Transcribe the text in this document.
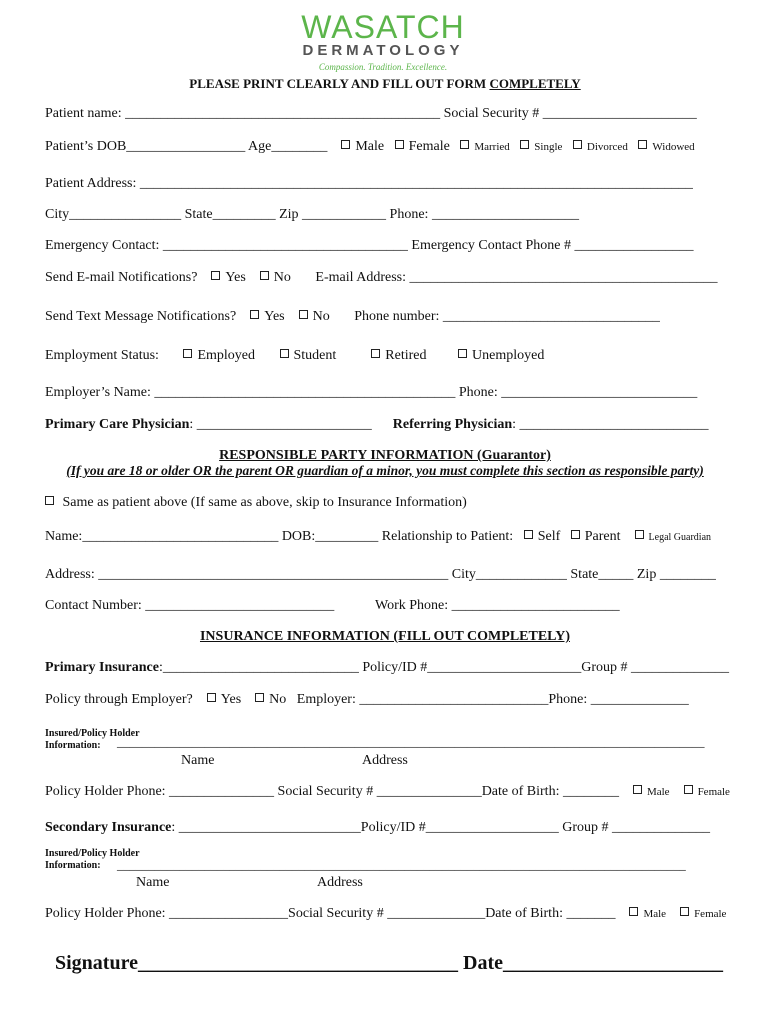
WASATCH
DERMATOLOGY
Compassion. Tradition. Excellence.
PLEASE PRINT CLEARLY AND FILL OUT FORM COMPLETELY
Patient name: _____________________________________________ Social Security # ______________________
Patient’s DOB_________________ Age________ Male Female Married Single Divorced Widowed
Patient Address: _______________________________________________________________________________
City________________ State_________ Zip ____________ Phone: _____________________
Emergency Contact: ___________________________________ Emergency Contact Phone # _________________
Send E-mail Notifications? Yes No E-mail Address: ____________________________________________
Send Text Message Notifications? Yes No Phone number: _______________________________
Employment Status:	Employed	Student	Retired	Unemployed
Employer’s Name: ___________________________________________ Phone: ____________________________
Primary Care Physician: _________________________ Referring Physician: ___________________________
RESPONSIBLE PARTY INFORMATION (Guarantor)
(If you are 18 or older OR the parent OR guardian of a minor, you must complete this section as responsible party)
Same as patient above (If same as above, skip to Insurance Information)
Name:____________________________ DOB:_________ Relationship to Patient: Self Parent	Legal Guardian
Address: __________________________________________________ City_____________ State_____ Zip ________
Contact Number: ___________________________	Work Phone: ________________________
INSURANCE INFORMATION (FILL OUT COMPLETELY)
Primary Insurance:____________________________ Policy/ID #______________________Group # ______________
Policy through Employer? Yes No Employer: ___________________________Phone: ______________
Insured/Policy Holder
Information:	______________________________________________________________________________________________
Name	Address
Policy Holder Phone: _______________ Social Security # _______________Date of Birth: ________	Male	Female
Secondary Insurance: __________________________Policy/ID #___________________ Group # ______________
Insured/Policy Holder
Information:	___________________________________________________________________________________________
Name	Address
Policy Holder Phone: _________________Social Security # ______________Date of Birth: _______	Male	Female
Signature________________________________ Date______________________
